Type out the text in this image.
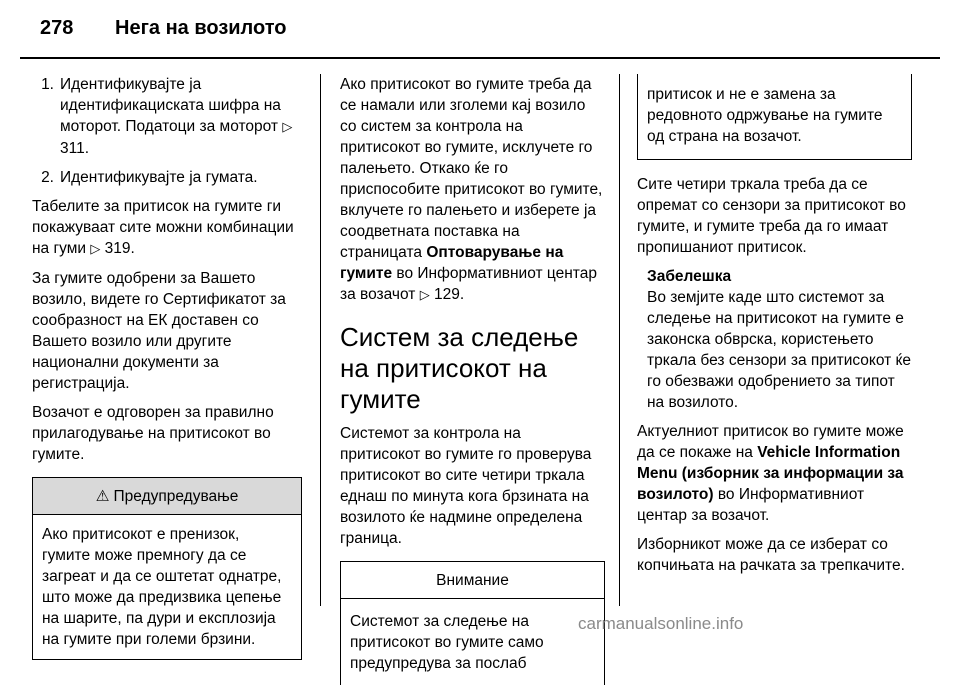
278 Нега на возилото
1. Идентификувајте ја идентификациската шифра на моторот. Податоци за моторот ▷ 311.
2. Идентификувајте ја гумата.

Табелите за притисок на гумите ги покажуваат сите можни комбинации на гуми ▷ 319.

За гумите одобрени за Вашето возило, видете го Сертификатот за сообразност на ЕК доставен со Вашето возило или другите национални документи за регистрација.

Возачот е одговорен за правилно прилагодување на притисокот во гумите.

⚠ Предупредување
Ако притисокот е пренизок, гумите може премногу да се загреат и да се оштетат однатре, што може да предизвика цепење на шарите, па дури и експлозија на гумите при големи брзини.

Ако притисокот во гумите треба да се намали или зголеми кај возило со систем за контрола на притисокот во гумите, исклучете го палењето. Откако ќе го приспособите притисокот во гумите, вклучете го палењето и изберете ја соодветната поставка на страницата Оптоварување на гумите во Информативниот центар за возачот ▷ 129.

Систем за следење на притисокот на гумите

Системот за контрола на притисокот во гумите го проверува притисокот во сите четири тркала еднаш по минута кога брзината на возилото ќе надмине определена граница.

Внимание
Системот за следење на притисокот во гумите само предупредува за послаб
притисок и не е замена за редовното одржување на гумите од страна на возачот.

Сите четири тркала треба да се опремат со сензори за притисокот во гумите, и гумите треба да го имаат пропишаниот притисок.

Забелешка
Во земјите каде што системот за следење на притисокот на гумите е законска обврска, користењето тркала без сензори за притисокот ќе го обезважи одобрението за типот на возилото.

Актуелниот притисок во гумите може да се покаже на Vehicle Information Menu (изборник за информации за возилото) во Информативниот центар за возачот.

Изборникот може да се изберат со копчињата на рачката за трепкачите.

carmanualsonline.info
